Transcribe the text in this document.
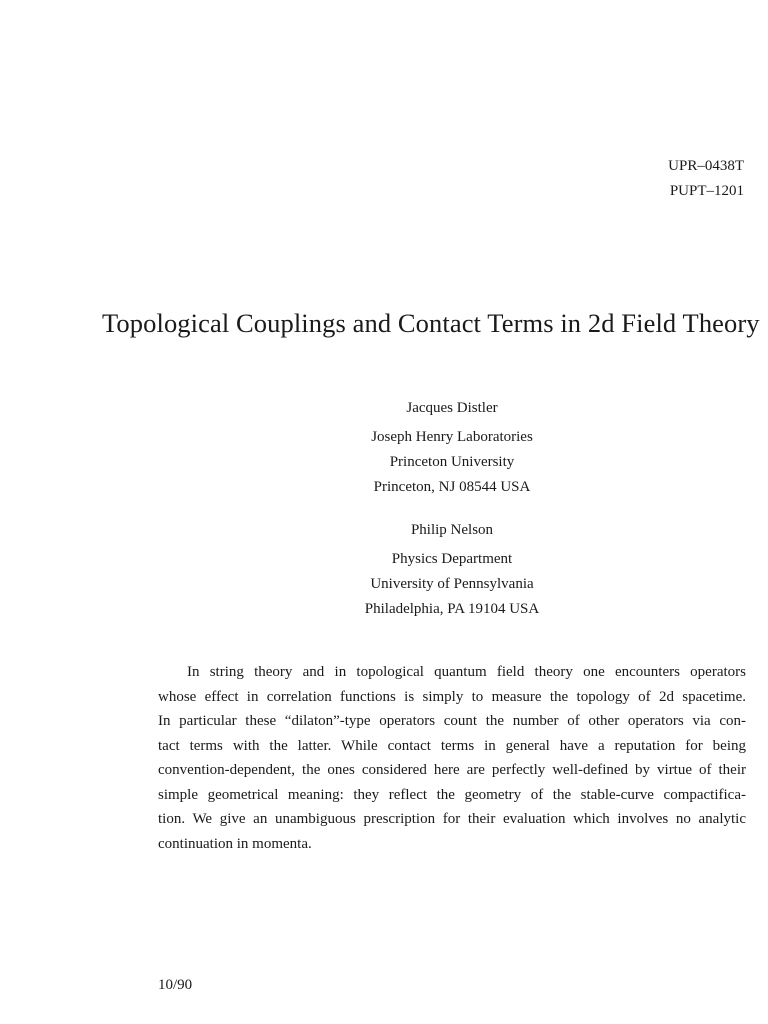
UPR–0438T
PUPT–1201
Topological Couplings and Contact Terms in 2d Field Theory
Jacques Distler
Joseph Henry Laboratories
Princeton University
Princeton, NJ 08544 USA
Philip Nelson
Physics Department
University of Pennsylvania
Philadelphia, PA 19104 USA
In string theory and in topological quantum field theory one encounters operators
whose effect in correlation functions is simply to measure the topology of 2d spacetime.
In particular these “dilaton”-type operators count the number of other operators via con-
tact terms with the latter. While contact terms in general have a reputation for being
convention-dependent, the ones considered here are perfectly well-defined by virtue of their
simple geometrical meaning: they reflect the geometry of the stable-curve compactifica-
tion. We give an unambiguous prescription for their evaluation which involves no analytic
continuation in momenta.
10/90
